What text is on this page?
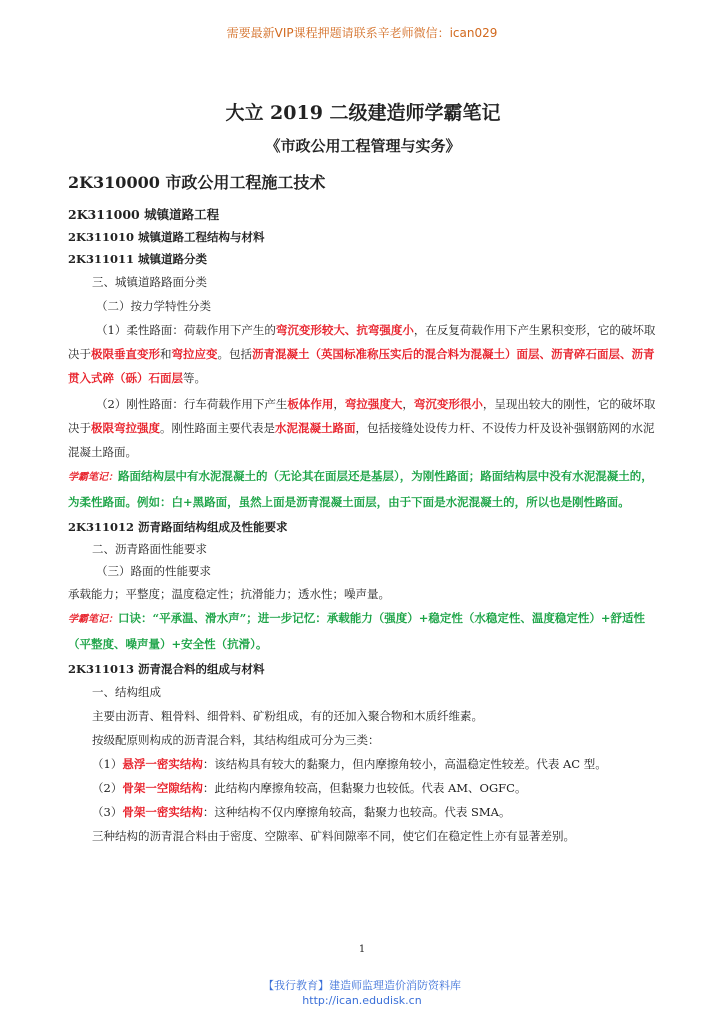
需要最新VIP课程押题请联系辛老师微信：ican029
大立 2019 二级建造师学霸笔记
《市政公用工程管理与实务》
2K310000 市政公用工程施工技术
2K311000 城镇道路工程
2K311010 城镇道路工程结构与材料
2K311011 城镇道路分类
三、城镇道路路面分类
（二）按力学特性分类
（1）柔性路面：荷载作用下产生的弯沉变形较大、抗弯强度小，在反复荷载作用下产生累积变形，它的破坏取决于极限垂直变形和弯拉应变。包括沥青混凝土（英国标准称压实后的混合料为混凝土）面层、沥青碎石面层、沥青贯入式碎（砾）石面层等。
（2）刚性路面：行车荷载作用下产生板体作用，弯拉强度大，弯沉变形很小，呈现出较大的刚性，它的破坏取决于极限弯拉强度。刚性路面主要代表是水泥混凝土路面，包括接缝处设传力杆、不设传力杆及设补强钢筋网的水泥混凝土路面。
学霸笔记：路面结构层中有水泥混凝土的（无论其在面层还是基层），为刚性路面；路面结构层中没有水泥混凝土的，为柔性路面。例如：白+黑路面，虽然上面是沥青混凝土面层，由于下面是水泥混凝土的，所以也是刚性路面。
2K311012 沥青路面结构组成及性能要求
二、沥青路面性能要求
（三）路面的性能要求
承载能力；平整度；温度稳定性；抗滑能力；透水性；噪声量。
学霸笔记：口诀：“平承温、滑水声”；进一步记忆：承载能力（强度）+稳定性（水稳定性、温度稳定性）+舒适性（平整度、噪声量）+安全性（抗滑）。
2K311013 沥青混合料的组成与材料
一、结构组成
主要由沥青、粗骨料、细骨料、矿粉组成，有的还加入聚合物和木质纤维素。
按级配原则构成的沥青混合料，其结构组成可分为三类：
（1）悬浮一密实结构：该结构具有较大的黏聚力，但内摩擦角较小，高温稳定性较差。代表 AC 型。
（2）骨架一空隙结构：此结构内摩擦角较高，但黏聚力也较低。代表 AM、OGFC。
（3）骨架一密实结构：这种结构不仅内摩擦角较高，黏聚力也较高。代表 SMA。
三种结构的沥青混合料由于密度、空隙率、矿料间隙率不同，使它们在稳定性上亦有显著差别。
1
【我行教育】建造师监理造价消防资料库
http://ican.edudisk.cn
